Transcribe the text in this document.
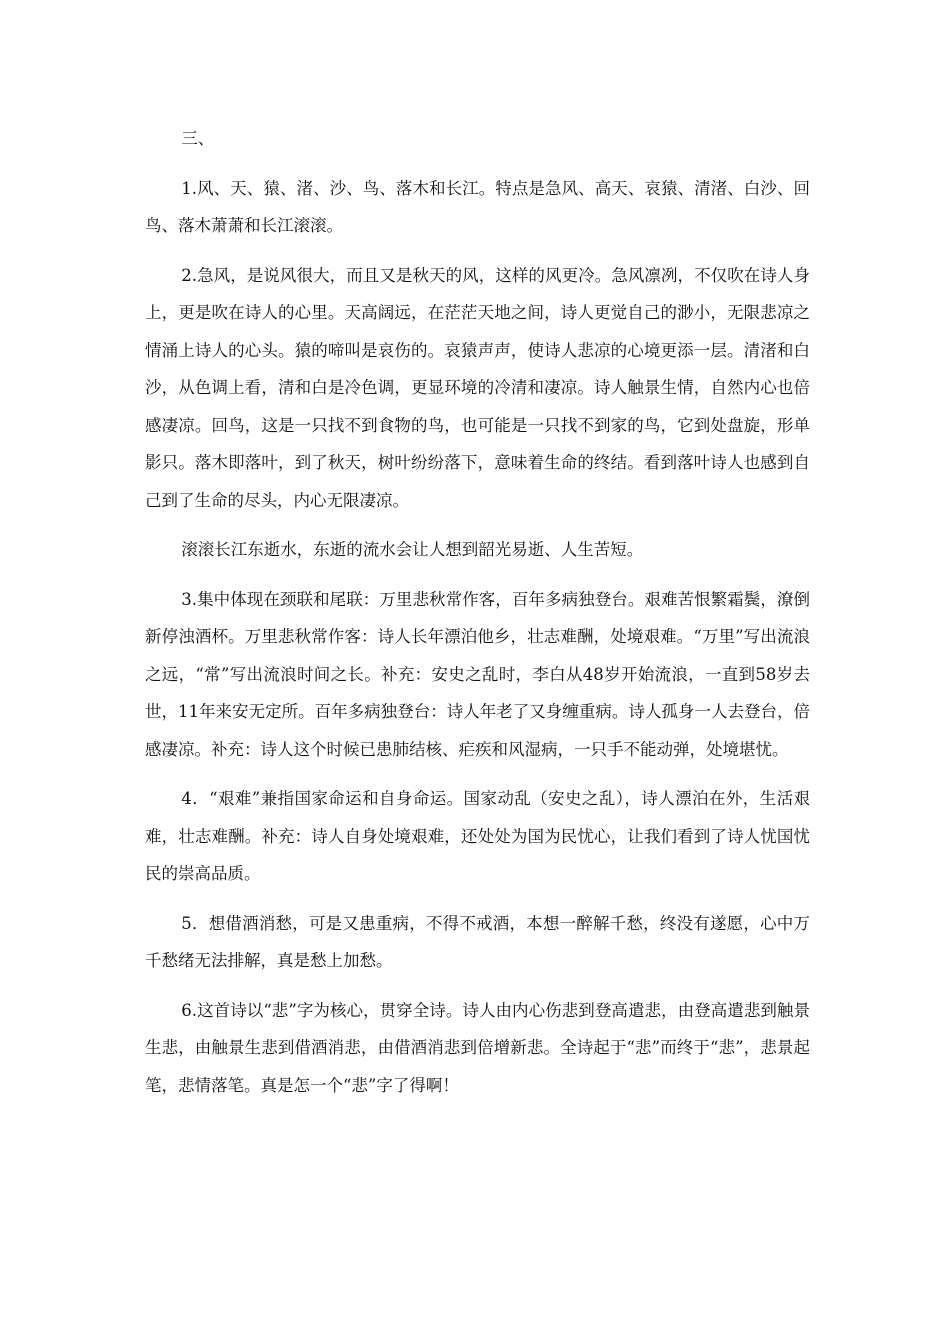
三、

1.风、天、猿、渚、沙、鸟、落木和长江。特点是急风、高天、哀猿、清渚、白沙、回鸟、落木萧萧和长江滚滚。

2.急风，是说风很大，而且又是秋天的风，这样的风更冷。急风凛冽，不仅吹在诗人身上，更是吹在诗人的心里。天高阔远，在茫茫天地之间，诗人更觉自己的渺小，无限悲凉之情涌上诗人的心头。猿的啼叫是哀伤的。哀猿声声，使诗人悲凉的心境更添一层。清渚和白沙，从色调上看，清和白是冷色调，更显环境的冷清和凄凉。诗人触景生情，自然内心也倍感凄凉。回鸟，这是一只找不到食物的鸟，也可能是一只找不到家的鸟，它到处盘旋，形单影只。落木即落叶，到了秋天，树叶纷纷落下，意味着生命的终结。看到落叶诗人也感到自己到了生命的尽头，内心无限凄凉。

滚滚长江东逝水，东逝的流水会让人想到韶光易逝、人生苦短。

3.集中体现在颈联和尾联：万里悲秋常作客，百年多病独登台。艰难苦恨繁霜鬓，潦倒新停浊酒杯。万里悲秋常作客：诗人长年漂泊他乡，壮志难酬，处境艰难。“万里”写出流浪之远，“常”写出流浪时间之长。补充：安史之乱时，李白从48岁开始流浪，一直到58岁去世，11年来安无定所。百年多病独登台：诗人年老了又身缠重病。诗人孤身一人去登台，倍感凄凉。补充：诗人这个时候已患肺结核、疟疾和风湿病，一只手不能动弹，处境堪忧。

4．“艰难”兼指国家命运和自身命运。国家动乱（安史之乱），诗人漂泊在外，生活艰难，壮志难酬。补充：诗人自身处境艰难，还处处为国为民忧心，让我们看到了诗人忧国忧民的崇高品质。

5．想借酒消愁，可是又患重病，不得不戒酒，本想一醉解千愁，终没有遂愿，心中万千愁绪无法排解，真是愁上加愁。

6.这首诗以“悲”字为核心，贯穿全诗。诗人由内心伤悲到登高遣悲，由登高遣悲到触景生悲，由触景生悲到借酒消悲，由借酒消悲到倍增新悲。全诗起于“悲”而终于“悲”，悲景起笔，悲情落笔。真是怎一个“悲”字了得啊！
